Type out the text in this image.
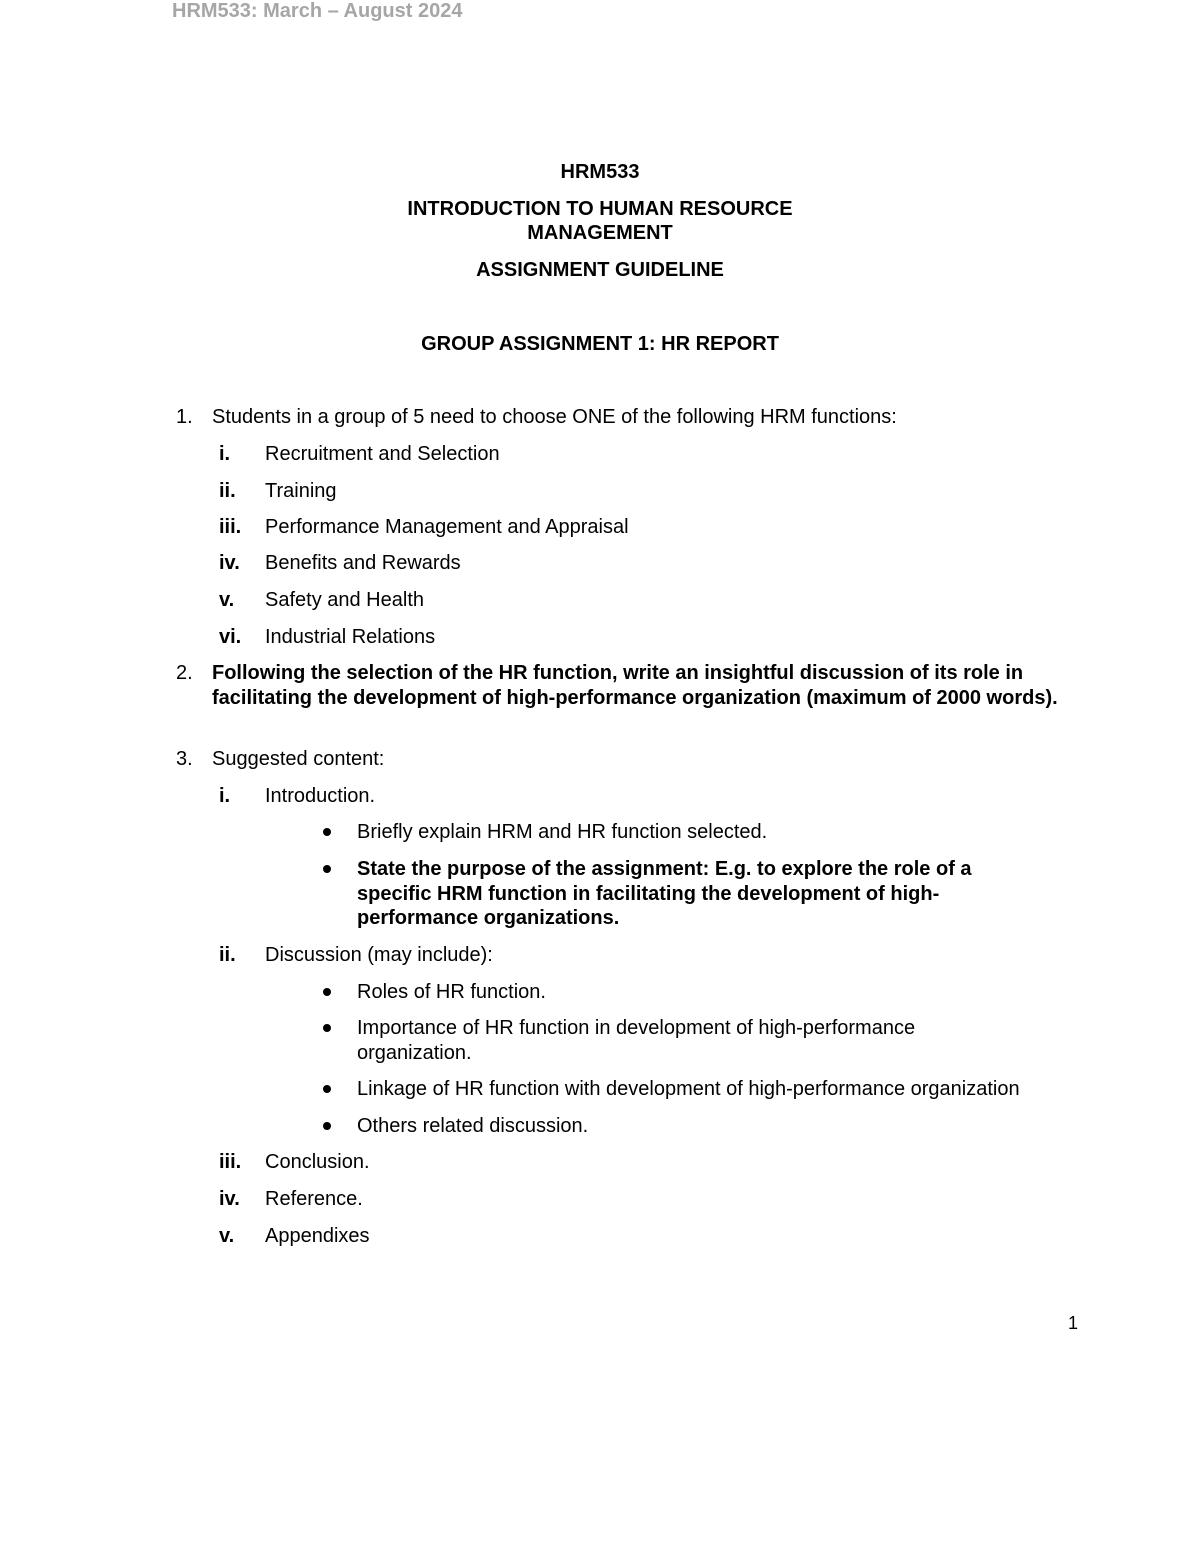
HRM533: March – August 2024
HRM533
INTRODUCTION TO HUMAN RESOURCE
MANAGEMENT
ASSIGNMENT GUIDELINE
GROUP ASSIGNMENT 1: HR REPORT
1. Students in a group of 5 need to choose ONE of the following HRM functions:
i. Recruitment and Selection
ii. Training
iii. Performance Management and Appraisal
iv. Benefits and Rewards
v. Safety and Health
vi. Industrial Relations
2. Following the selection of the HR function, write an insightful discussion of its role in facilitating the development of high-performance organization (maximum of 2000 words).
3. Suggested content:
i. Introduction.
Briefly explain HRM and HR function selected.
State the purpose of the assignment: E.g. to explore the role of a specific HRM function in facilitating the development of high-performance organizations.
ii. Discussion (may include):
Roles of HR function.
Importance of HR function in development of high-performance organization.
Linkage of HR function with development of high-performance organization
Others related discussion.
iii. Conclusion.
iv. Reference.
v. Appendixes
1
